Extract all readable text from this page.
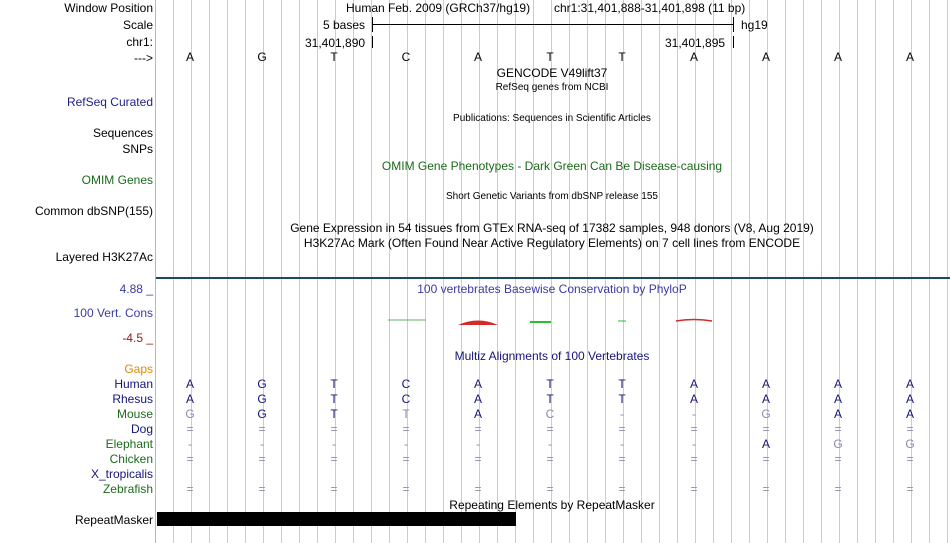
Window Position
Scale
chr1:
--->
Human Feb. 2009 (GRCh37/hg19) chr1:31,401,888-31,401,898 (11 bp)
5 bases	hg19
31,401,890	31,401,895
A	G	T	C	A	T	T	A	A	A	A
GENCODE V49lift37
RefSeq genes from NCBI
RefSeq Curated
Publications: Sequences in Scientific Articles
Sequences
SNPs
OMIM Gene Phenotypes - Dark Green Can Be Disease-causing
OMIM Genes
Short Genetic Variants from dbSNP release 155
Common dbSNP(155)
Gene Expression in 54 tissues from GTEx RNA-seq of 17382 samples, 948 donors (V8, Aug 2019)
H3K27Ac Mark (Often Found Near Active Regulatory Elements) on 7 cell lines from ENCODE
Layered H3K27Ac
100 vertebrates Basewise Conservation by PhyloP
4.88 _
100 Vert. Cons
-4.5 _
Multiz Alignments of 100 Vertebrates
Gaps
Human	A	G	T	C	A	T	T	A	A	A	A
Rhesus	A	G	T	C	A	T	T	A	A	A	A
Mouse	G	G	T	T	A	C	-	-	G	A	A
Dog	=	=	=	=	=	=	=	=	=	=	=
Elephant	-	-	-	-	-	-	-	-	A	G	G
Chicken	=	=	=	=	=	=	=	=	=	=	=
X_tropicalis
Zebrafish	=	=	=	=	=	=	=	=	=	=	=
Repeating Elements by RepeatMasker
RepeatMasker
